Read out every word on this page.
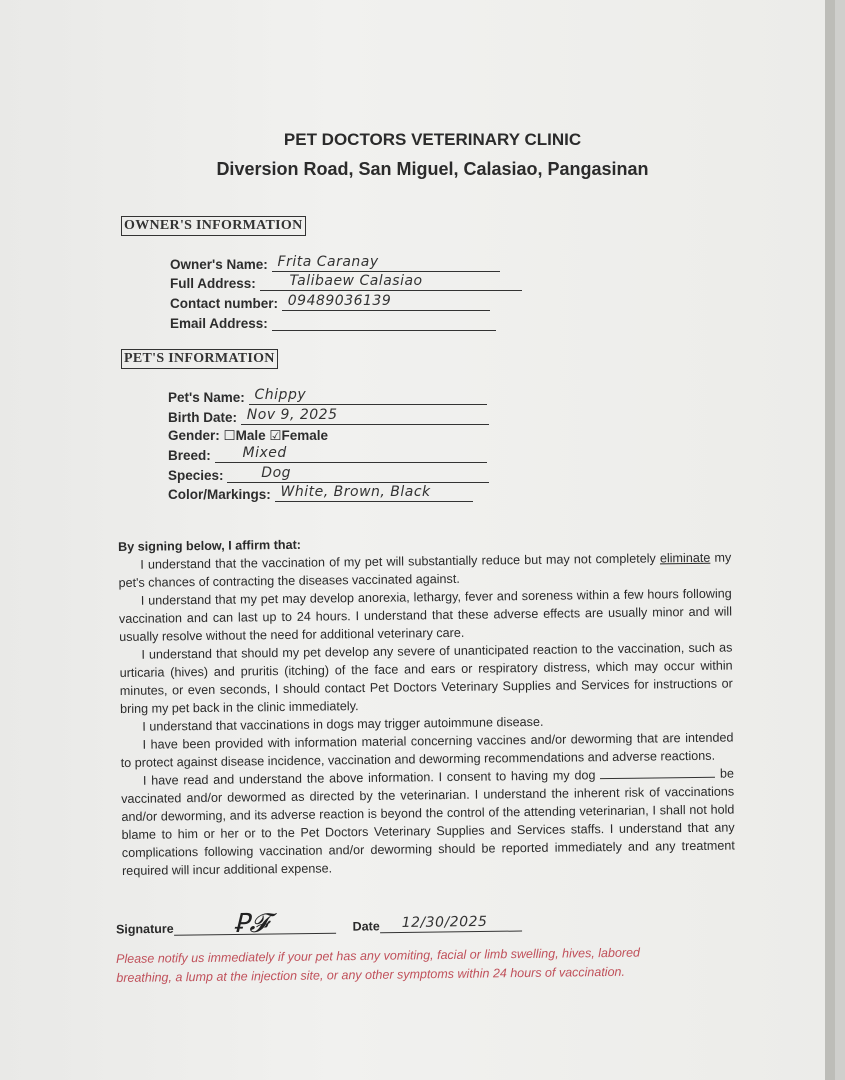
PET DOCTORS VETERINARY CLINIC
Diversion Road, San Miguel, Calasiao, Pangasinan
OWNER'S INFORMATION
Owner's Name: Frita Caranay
Full Address: Talibaew Calasiao
Contact number: 09489036139
Email Address:
PET'S INFORMATION
Pet's Name: Chippy
Birth Date: Nov 9, 2025
Gender: ☐Male ☑Female
Breed: Mixed
Species:	Dog
Color/Markings: White, Brown, Black

By signing below, I affirm that:

I understand that the vaccination of my pet will substantially reduce but may not completely eliminate my pet's chances of contracting the diseases vaccinated against.

I understand that my pet may develop anorexia, lethargy, fever and soreness within a few hours following vaccination and can last up to 24 hours. I understand that these adverse effects are usually minor and will usually resolve without the need for additional veterinary care.

I understand that should my pet develop any severe of unanticipated reaction to the vaccination, such as urticaria (hives) and pruritis (itching) of the face and ears or respiratory distress, which may occur within minutes, or even seconds, I should contact Pet Doctors Veterinary Supplies and Services for instructions or bring my pet back in the clinic immediately.

I understand that vaccinations in dogs may trigger autoimmune disease.

I have been provided with information material concerning vaccines and/or deworming that are intended to protect against disease incidence, vaccination and deworming recommendations and adverse reactions.

I have read and understand the above information. I consent to having my dog	be vaccinated and/or dewormed as directed by the veterinarian. I understand the inherent risk of vaccinations and/or deworming, and its adverse reaction is beyond the control of the attending veterinarian, I shall not hold blame to him or her or to the Pet Doctors Veterinary Supplies and Services staffs. I understand that any complications following vaccination and/or deworming should be reported immediately and any treatment required will incur additional expense.

Signature Ꝑ𝓕	Date 12/30/2025
Please notify us immediately if your pet has any vomiting, facial or limb swelling, hives, labored breathing, a lump at the injection site, or any other symptoms within 24 hours of vaccination.
